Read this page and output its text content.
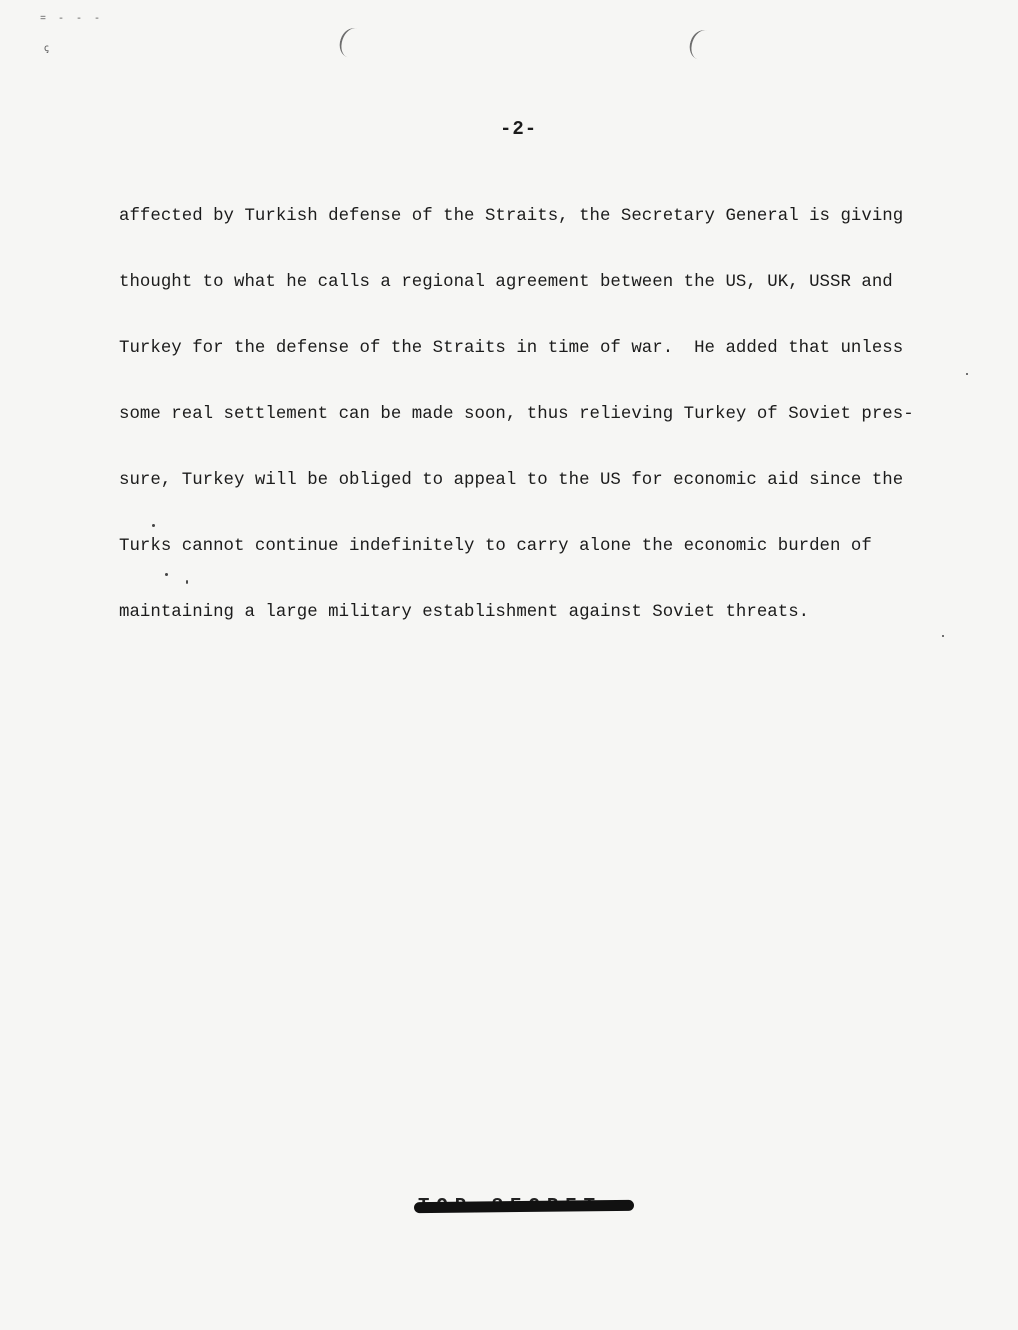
= - - -
ꞔ
-2-

affected by Turkish defense of the Straits, the Secretary General is giving

thought to what he calls a regional agreement between the US, UK, USSR and

Turkey for the defense of the Straits in time of war.  He added that unless

some real settlement can be made soon, thus relieving Turkey of Soviet pres-

sure, Turkey will be obliged to appeal to the US for economic aid since the

Turks cannot continue indefinitely to carry alone the economic burden of

maintaining a large military establishment against Soviet threats.
